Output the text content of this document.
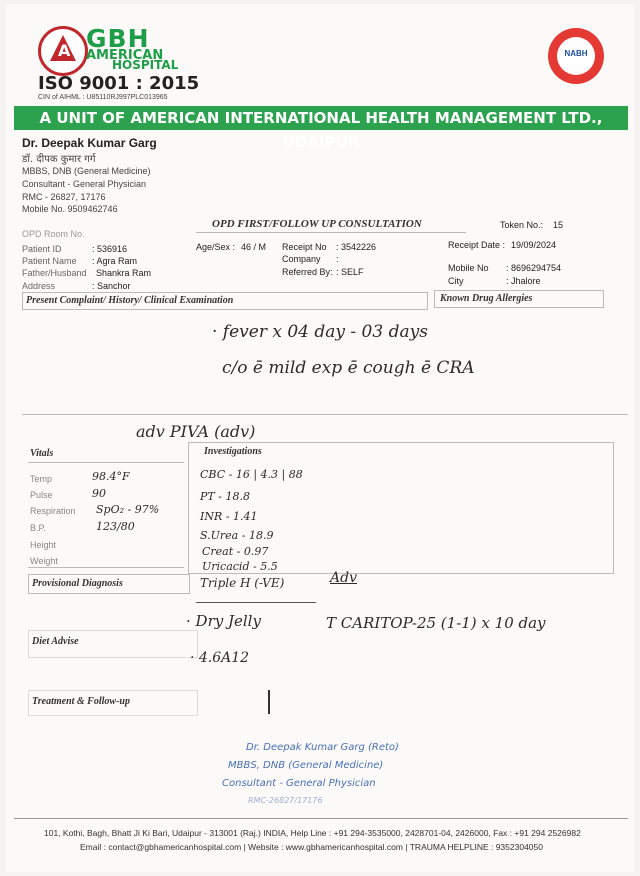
A GBH
AMERICAN
HOSPITAL
ISO 9001 : 2015
CIN of AIHML : U85110RJ997PLC013965
NABH
A UNIT OF AMERICAN INTERNATIONAL HEALTH MANAGEMENT LTD., UDAIPUR
Dr. Deepak Kumar Garg
डॉ. दीपक कुमार गर्ग
MBBS, DNB (General Medicine)
Consultant - General Physician
RMC - 26827, 17176
Mobile No. 9509462746
OPD Room No.
OPD FIRST/FOLLOW UP CONSULTATION	Token No.: 15
Patient ID	: 536916
Patient Name : Agra Ram
Father/Husband Shankra Ram
Address	: Sanchor
Age/Sex : 46 / M Receipt No : 3542226
Company :
Referred By: : SELF
Receipt Date : 19/09/2024
Mobile No : 8696294754
City	: Jhalore
Present Complaint/ History/ Clinical Examination	Known Drug Allergies
· fever x 04 day - 03 days
c/o ē mild exp ē cough ē CRA
adv PIVA (adv)
Vitals
Temp	98.4°F
Pulse	90
Respiration SpO₂ - 97%
B.P.	123/80
Height
Weight
Investigations
CBC - 16 | 4.3 | 88
PT - 18.8
INR - 1.41
S.Urea - 18.9
Creat - 0.97
Uricacid - 5.5
Provisional Diagnosis	Triple H (-VE)	Adv
· Dry Jelly	T CARITOP-25 (1-1) x 10 day
Diet Advise
· 4.6A12
Treatment & Follow-up
Dr. Deepak Kumar Garg (Reto)
MBBS, DNB (General Medicine)
Consultant - General Physician
RMC-26827/17176
101, Kothi, Bagh, Bhatt Ji Ki Bari, Udaipur - 313001 (Raj.) INDIA, Help Line : +91 294-3535000, 2428701-04, 2426000, Fax : +91 294 2526982
Email : contact@gbhamericanhospital.com | Website : www.gbhamericanhospital.com | TRAUMA HELPLINE : 9352304050
